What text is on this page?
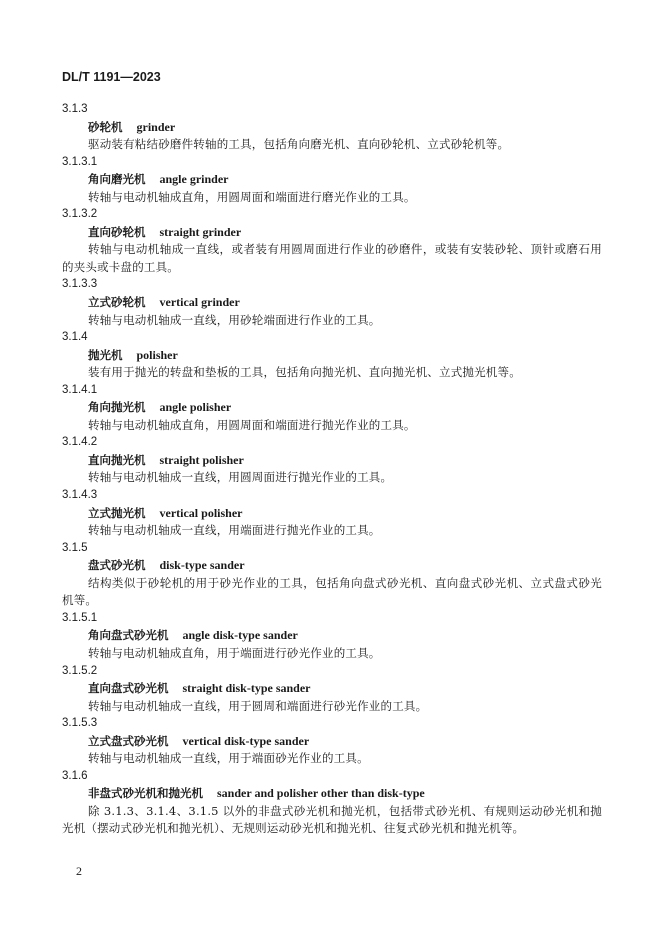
DL/T 1191—2023
3.1.3
砂轮机 grinder
驱动装有粘结砂磨件转轴的工具，包括角向磨光机、直向砂轮机、立式砂轮机等。
3.1.3.1
角向磨光机 angle grinder
转轴与电动机轴成直角，用圆周面和端面进行磨光作业的工具。
3.1.3.2
直向砂轮机 straight grinder
转轴与电动机轴成一直线，或者装有用圆周面进行作业的砂磨件，或装有安装砂轮、顶针或磨石用的夹头或卡盘的工具。
3.1.3.3
立式砂轮机 vertical grinder
转轴与电动机轴成一直线，用砂轮端面进行作业的工具。
3.1.4
抛光机 polisher
装有用于抛光的转盘和垫板的工具，包括角向抛光机、直向抛光机、立式抛光机等。
3.1.4.1
角向抛光机 angle polisher
转轴与电动机轴成直角，用圆周面和端面进行抛光作业的工具。
3.1.4.2
直向抛光机 straight polisher
转轴与电动机轴成一直线，用圆周面进行抛光作业的工具。
3.1.4.3
立式抛光机 vertical polisher
转轴与电动机轴成一直线，用端面进行抛光作业的工具。
3.1.5
盘式砂光机 disk-type sander
结构类似于砂轮机的用于砂光作业的工具，包括角向盘式砂光机、直向盘式砂光机、立式盘式砂光机等。
3.1.5.1
角向盘式砂光机 angle disk-type sander
转轴与电动机轴成直角，用于端面进行砂光作业的工具。
3.1.5.2
直向盘式砂光机 straight disk-type sander
转轴与电动机轴成一直线，用于圆周和端面进行砂光作业的工具。
3.1.5.3
立式盘式砂光机 vertical disk-type sander
转轴与电动机轴成一直线，用于端面砂光作业的工具。
3.1.6
非盘式砂光机和抛光机 sander and polisher other than disk-type
除 3.1.3、3.1.4、3.1.5 以外的非盘式砂光机和抛光机，包括带式砂光机、有规则运动砂光机和抛光机（摆动式砂光机和抛光机）、无规则运动砂光机和抛光机、往复式砂光机和抛光机等。
2
